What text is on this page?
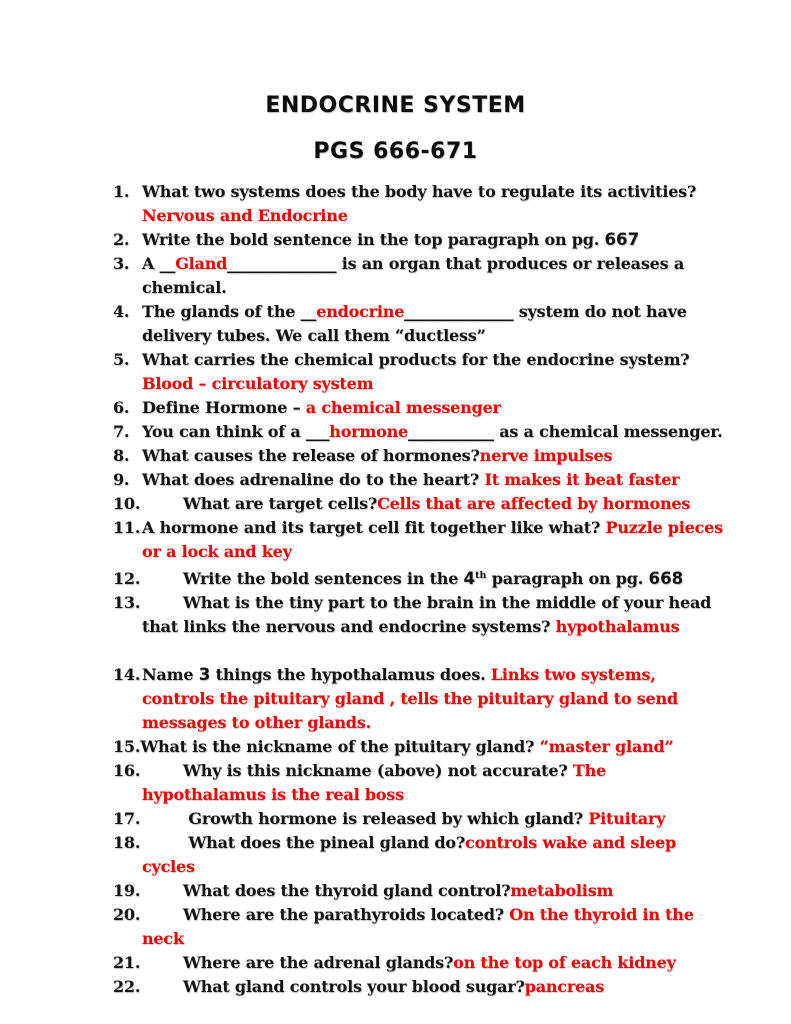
ENDOCRINE SYSTEM
PGS 666-671
1. What two systems does the body have to regulate its activities? Nervous and Endocrine
2. Write the bold sentence in the top paragraph on pg. 667
3. A __Gland______________ is an organ that produces or releases a chemical.
4. The glands of the __endocrine______________ system do not have delivery tubes. We call them “ductless”
5. What carries the chemical products for the endocrine system? Blood – circulatory system
6. Define Hormone – a chemical messenger
7. You can think of a ___hormone___________ as a chemical messenger.
8. What causes the release of hormones?nerve impulses
9. What does adrenaline do to the heart? It makes it beat faster
10.	What are target cells?Cells that are affected by hormones
11. A hormone and its target cell fit together like what? Puzzle pieces or a lock and key
12.	Write the bold sentences in the 4th paragraph on pg. 668
13.	What is the tiny part to the brain in the middle of your head that links the nervous and endocrine systems? hypothalamus
14. Name 3 things the hypothalamus does. Links two systems, controls the pituitary gland , tells the pituitary gland to send messages to other glands.
15.What is the nickname of the pituitary gland? “master gland”
16.	Why is this nickname (above) not accurate? The hypothalamus is the real boss
17.	Growth hormone is released by which gland? Pituitary
18.	What does the pineal gland do?controls wake and sleep cycles
19.	What does the thyroid gland control?metabolism
20.	Where are the parathyroids located? On the thyroid in the neck
21.	Where are the adrenal glands?on the top of each kidney
22.	What gland controls your blood sugar?pancreas
